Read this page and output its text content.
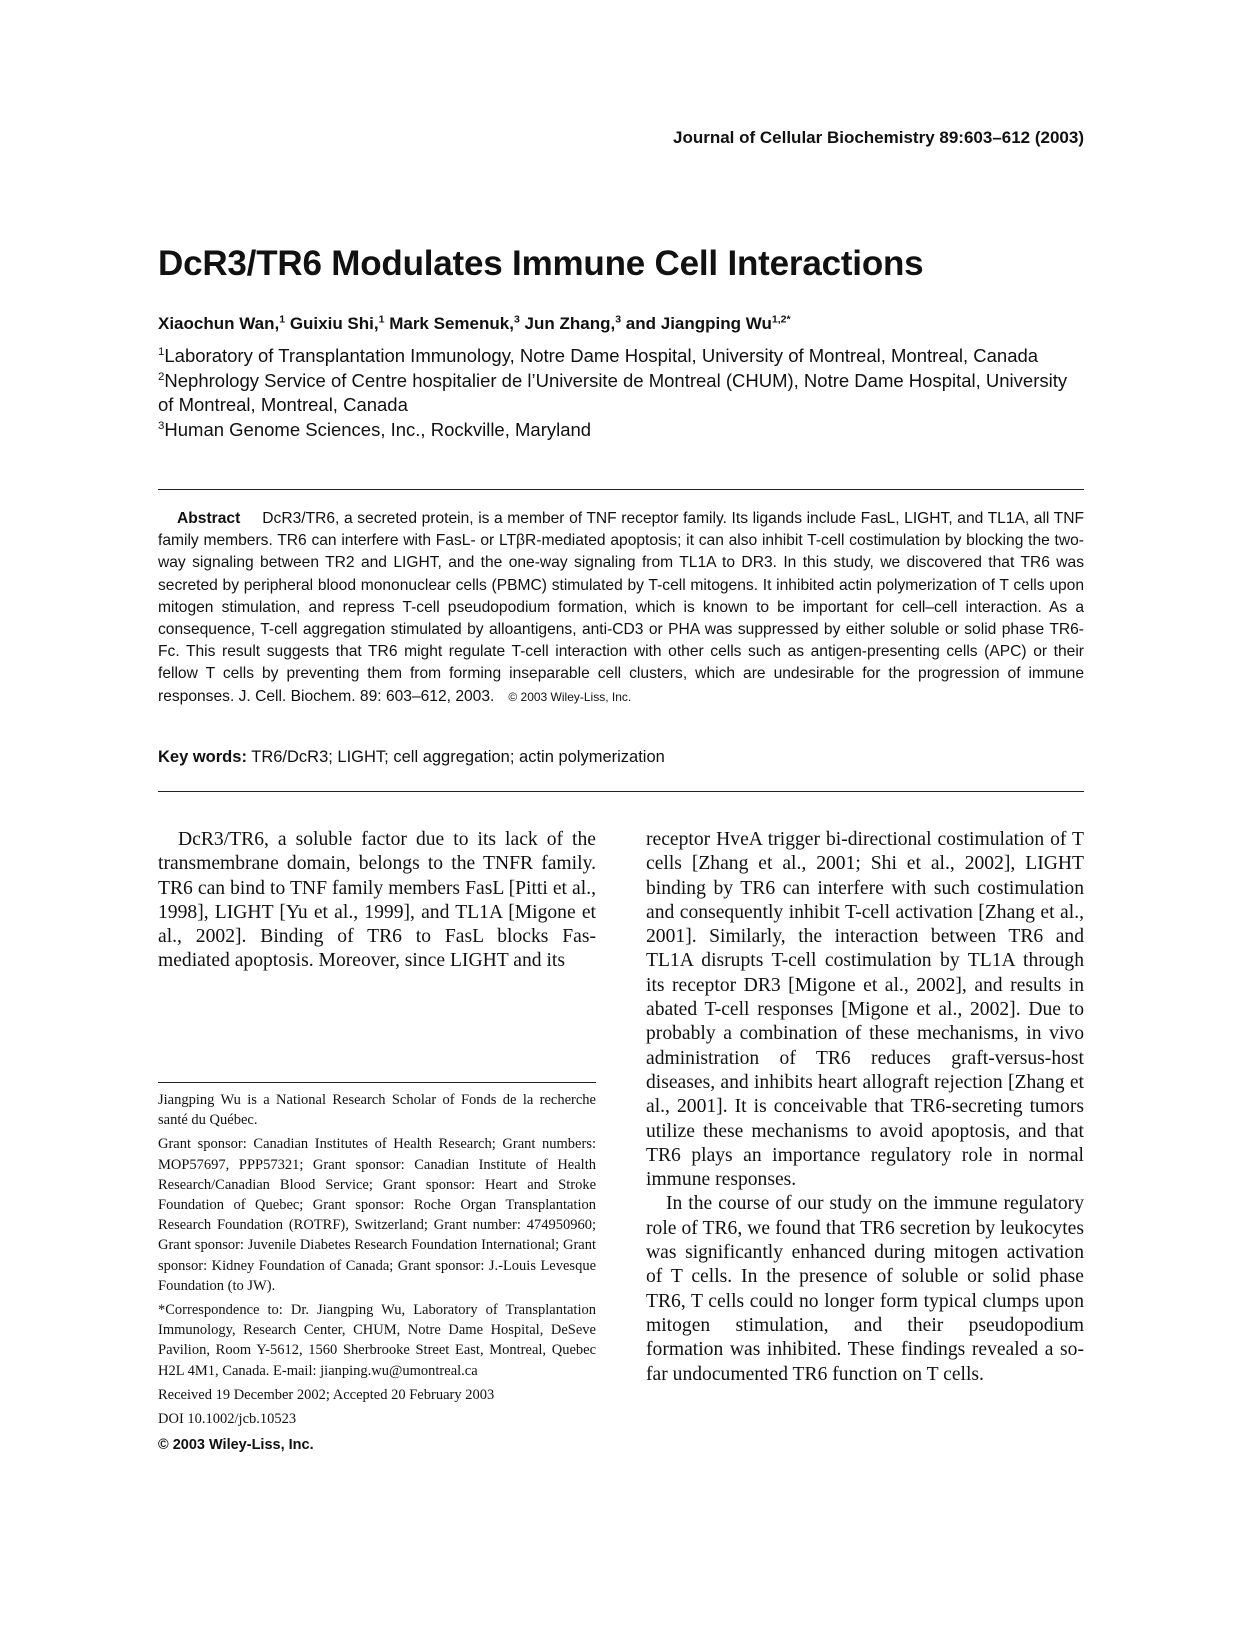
Journal of Cellular Biochemistry 89:603–612 (2003)
DcR3/TR6 Modulates Immune Cell Interactions
Xiaochun Wan,$^1$ Guixiu Shi,$^1$ Mark Semenuk,$^3$ Jun Zhang,$^3$ and Jiangping $Wu^{1,2*}$

$^1$Laboratory of Transplantation Immunology, Notre Dame Hospital, University of Montreal, Montreal, Canada

$^2$Nephrology Service of Centre hospitalier de l’Universite de Montreal (CHUM), Notre Dame Hospital, University of Montreal, Montreal, Canada

$^3$Human Genome Sciences, Inc., Rockville, Maryland

Abstract DcR3/TR6, a secreted protein, is a member of TNF receptor family. Its ligands include FasL, LIGHT, and TL1A, all TNF family members. TR6 can interfere with FasL- or LTβR-mediated apoptosis; it can also inhibit T-cell costimulation by blocking the two-way signaling between TR2 and LIGHT, and the one-way signaling from TL1A to DR3. In this study, we discovered that TR6 was secreted by peripheral blood mononuclear cells (PBMC) stimulated by T-cell mitogens. It inhibited actin polymerization of T cells upon mitogen stimulation, and repress T-cell pseudopodium formation, which is known to be important for cell–cell interaction. As a consequence, T-cell aggregation stimulated by alloantigens, anti-CD3 or PHA was suppressed by either soluble or solid phase TR6-Fc. This result suggests that TR6 might regulate T-cell interaction with other cells such as antigen-presenting cells (APC) or their fellow T cells by preventing them from forming inseparable cell clusters, which are undesirable for the progression of immune responses. J. Cell. Biochem. 89: 603–612, 2003. © 2003 Wiley-Liss, Inc.

Key words: TR6/DcR3; LIGHT; cell aggregation; actin polymerization

DcR3/TR6, a soluble factor due to its lack of the transmembrane domain, belongs to the TNFR family. TR6 can bind to TNF family members FasL [Pitti et al., 1998], LIGHT [Yu et al., 1999], and TL1A [Migone et al., 2002]. Binding of TR6 to FasL blocks Fas-mediated apoptosis. Moreover, since LIGHT and its

receptor HveA trigger bi-directional costimulation of T cells [Zhang et al., 2001; Shi et al., 2002], LIGHT binding by TR6 can interfere with such costimulation and consequently inhibit T-cell activation [Zhang et al., 2001]. Similarly, the interaction between TR6 and TL1A disrupts T-cell costimulation by TL1A through its receptor DR3 [Migone et al., 2002], and results in abated T-cell responses [Migone et al., 2002]. Due to probably a combination of these mechanisms, in vivo administration of TR6 reduces graft-versus-host diseases, and inhibits heart allograft rejection [Zhang et al., 2001]. It is conceivable that TR6-secreting tumors utilize these mechanisms to avoid apoptosis, and that TR6 plays an importance regulatory role in normal immune responses.

In the course of our study on the immune regulatory role of TR6, we found that TR6 secretion by leukocytes was significantly enhanced during mitogen activation of T cells. In the presence of soluble or solid phase TR6, T cells could no longer form typical clumps upon mitogen stimulation, and their pseudopodium formation was inhibited. These findings revealed a so-far undocumented TR6 function on T cells.

Jiangping Wu is a National Research Scholar of Fonds de la recherche santé du Québec.

Grant sponsor: Canadian Institutes of Health Research; Grant numbers: MOP57697, PPP57321; Grant sponsor: Canadian Institute of Health Research/Canadian Blood Service; Grant sponsor: Heart and Stroke Foundation of Quebec; Grant sponsor: Roche Organ Transplantation Research Foundation (ROTRF), Switzerland; Grant number: 474950960; Grant sponsor: Juvenile Diabetes Research Foundation International; Grant sponsor: Kidney Foundation of Canada; Grant sponsor: J.-Louis Levesque Foundation (to JW).

*Correspondence to: Dr. Jiangping Wu, Laboratory of Transplantation Immunology, Research Center, CHUM, Notre Dame Hospital, DeSeve Pavilion, Room Y-5612, 1560 Sherbrooke Street East, Montreal, Quebec H2L 4M1, Canada. E-mail: jianping.wu@umontreal.ca

Received 19 December 2002; Accepted 20 February 2003

DOI 10.1002/jcb.10523

© 2003 Wiley-Liss, Inc.
